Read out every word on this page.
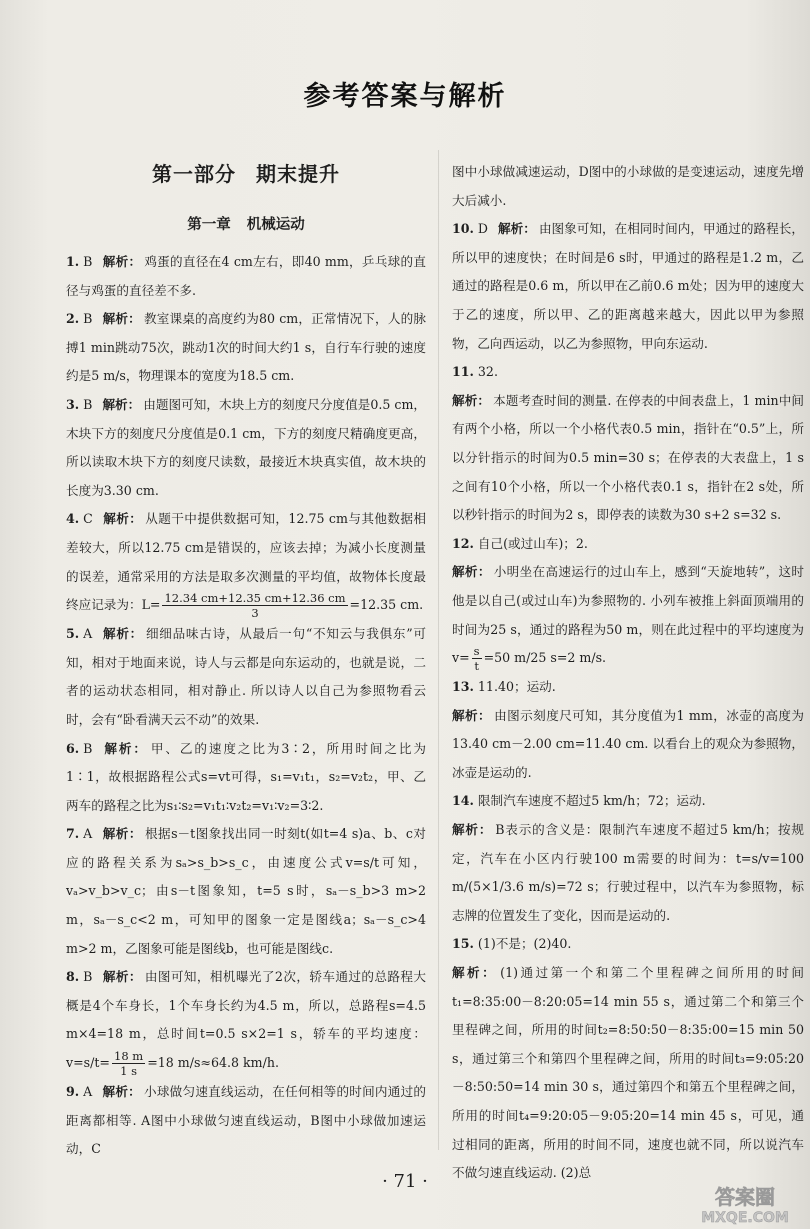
参考答案与解析
第一部分 期末提升
第一章 机械运动
1. B 解析： 鸡蛋的直径在4 cm左右，即40 mm，乒乓球的直径与鸡蛋的直径差不多.
2. B 解析： 教室课桌的高度约为80 cm，正常情况下，人的脉搏1 min跳动75次，跳动1次的时间大约1 s，自行车行驶的速度约是5 m/s，物理课本的宽度为18.5 cm.
3. B 解析： 由题图可知，木块上方的刻度尺分度值是0.5 cm，木块下方的刻度尺分度值是0.1 cm，下方的刻度尺精确度更高，所以读取木块下方的刻度尺读数，最接近木块真实值，故木块的长度为3.30 cm.
4. C 解析： 从题干中提供数据可知，12.75 cm与其他数据相差较大，所以12.75 cm是错误的，应该去掉；为减小长度测量的误差，通常采用的方法是取多次测量的平均值，故物体长度最终应记录为：$L= \frac{12.34 cm+12.35 cm+12.36 cm}{3} =12.35$ cm.
5. A 解析： 细细品味古诗，从最后一句“不知云与我俱东”可知，相对于地面来说，诗人与云都是向东运动的，也就是说，二者的运动状态相同，相对静止. 所以诗人以自己为参照物看云时，会有“卧看满天云不动”的效果.
6. B 解析： 甲、乙的速度之比为3∶2，所用时间之比为1∶1，故根据路程公式s=vt可得，s₁=v₁t₁，s₂=v₂t₂，甲、乙两车的路程之比为s₁∶s₂=v₁t₁∶v₂t₂=v₁∶v₂=3∶2.
7. A 解析： 根据s－t图象找出同一时刻t(如t=4 s)a、b、c对应的路程关系为sₐ>s_b>s_c，由速度公式v=s/t可知，vₐ>v_b>v_c；由s－t图象知，t=5 s时，sₐ－s_b>3 m>2 m，sₐ－s_c<2 m，可知甲的图象一定是图线a；sₐ－s_c>4 m>2 m，乙图象可能是图线b，也可能是图线c.
8. B 解析： 由图可知，相机曝光了2次，轿车通过的总路程大概是4个车身长，1个车身长约为4.5 m，所以，总路程s=4.5 m×4=18 m，总时间t=0.5 s×2=1 s，轿车的平均速度：$v=s/t= \frac{18 m}{1 s} =18$ m/s≈64.8 km/h.
9. A 解析： 小球做匀速直线运动，在任何相等的时间内通过的距离都相等. A图中小球做匀速直线运动，B图中小球做加速运动，C
图中小球做减速运动，D图中的小球做的是变速运动，速度先增大后减小.
10. D 解析： 由图象可知，在相同时间内，甲通过的路程长，所以甲的速度快；在时间是6 s时，甲通过的路程是1.2 m，乙通过的路程是0.6 m，所以甲在乙前0.6 m处；因为甲的速度大于乙的速度，所以甲、乙的距离越来越大，因此以甲为参照物，乙向西运动，以乙为参照物，甲向东运动.
11. 32.
解析： 本题考查时间的测量. 在停表的中间表盘上，1 min中间有两个小格，所以一个小格代表0.5 min，指针在“0.5”上，所以分针指示的时间为0.5 min=30 s；在停表的大表盘上，1 s之间有10个小格，所以一个小格代表0.1 s，指针在2 s处，所以秒针指示的时间为2 s，即停表的读数为30 s+2 s=32 s.
12. 自己(或过山车)；2.
解析： 小明坐在高速运行的过山车上，感到“天旋地转”，这时他是以自己(或过山车)为参照物的. 小列车被推上斜面顶端用的时间为25 s，通过的路程为50 m，则在此过程中的平均速度为$v= \frac{s}{t} =50$ m/25 s=2 m/s.
13. 11.40；运动.
解析： 由图示刻度尺可知，其分度值为1 mm，冰壶的高度为13.40 cm－2.00 cm=11.40 cm. 以看台上的观众为参照物，冰壶是运动的.
14. 限制汽车速度不超过5 km/h；72；运动.
解析： B表示的含义是：限制汽车速度不超过5 km/h；按规定，汽车在小区内行驶100 m需要的时间为：t=s/v=100 m/(5×1/3.6 m/s)=72 s；行驶过程中，以汽车为参照物，标志牌的位置发生了变化，因而是运动的.
15. (1)不是；(2)40.
解析： (1)通过第一个和第二个里程碑之间所用的时间t₁=8:35:00－8:20:05=14 min 55 s，通过第二个和第三个里程碑之间，所用的时间t₂=8:50:50－8:35:00=15 min 50 s，通过第三个和第四个里程碑之间，所用的时间t₃=9:05:20－8:50:50=14 min 30 s，通过第四个和第五个里程碑之间，所用的时间t₄=9:20:05－9:05:20=14 min 45 s，可见，通过相同的距离，所用的时间不同，速度也就不同，所以说汽车不做匀速直线运动. (2)总
· 71 ·
答案圈
MXQE.COM
